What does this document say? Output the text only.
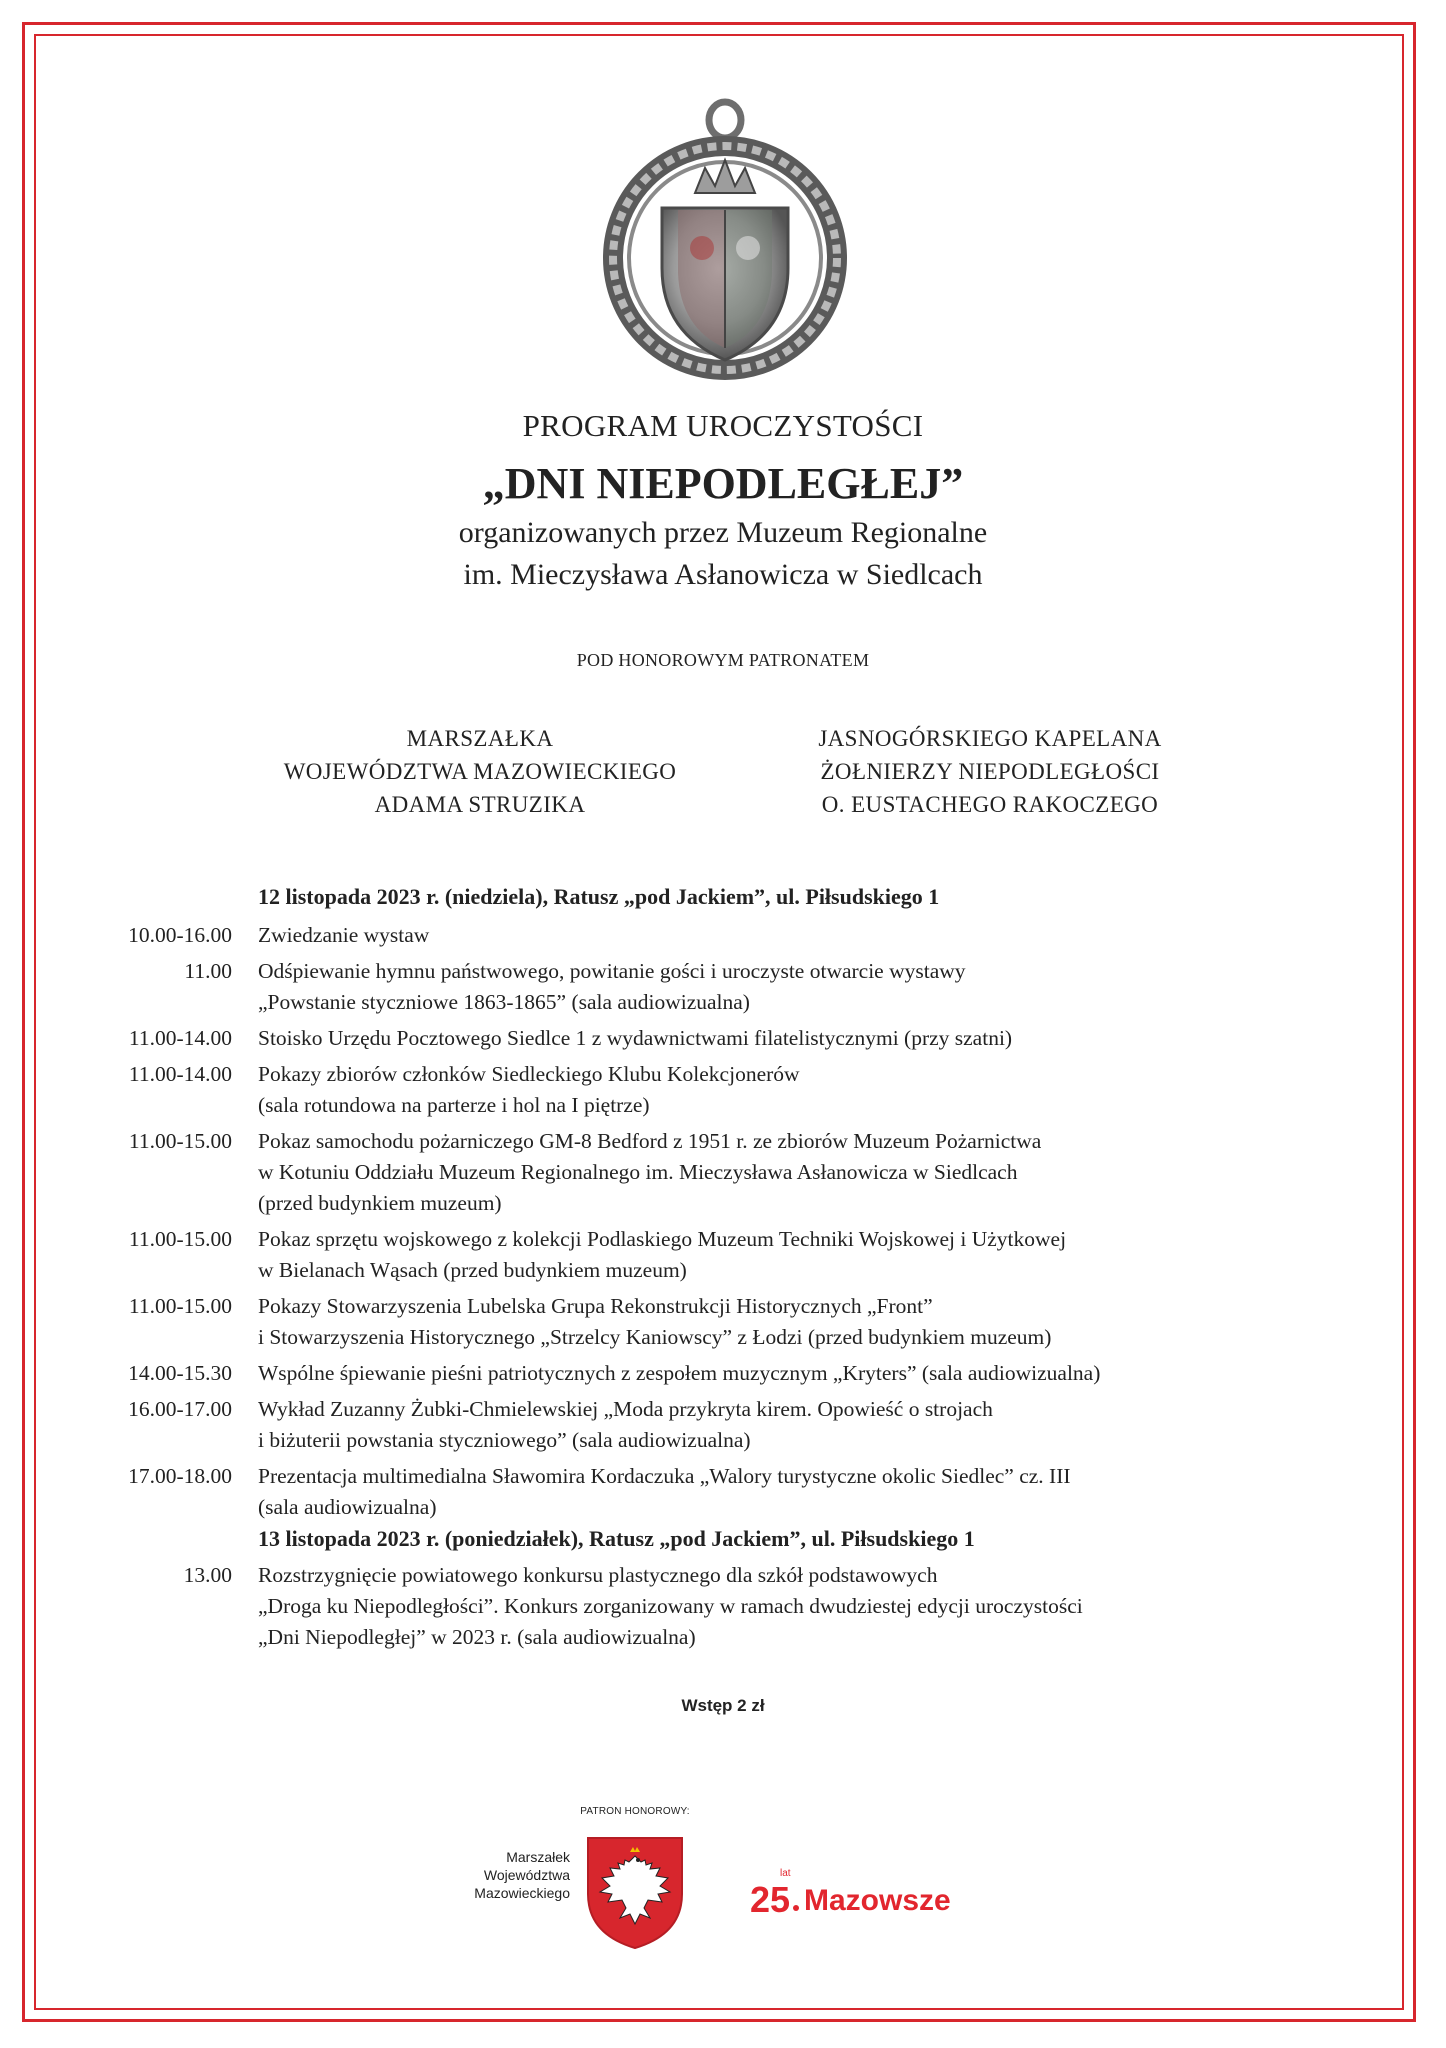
PROGRAM UROCZYSTOŚCI
„DNI NIEPODLEGŁEJ”
organizowanych przez Muzeum Regionalne
im. Mieczysława Asłanowicza w Siedlcach
POD HONOROWYM PATRONATEM
MARSZAŁKA
WOJEWÓDZTWA MAZOWIECKIEGO
ADAMA STRUZIKA
JASNOGÓRSKIEGO KAPELANA
ŻOŁNIERZY NIEPODLEGŁOŚCI
O. EUSTACHEGO RAKOCZEGO
12 listopada 2023 r. (niedziela), Ratusz „pod Jackiem”, ul. Piłsudskiego 1
10.00-16.00 Zwiedzanie wystaw
11.00 Odśpiewanie hymnu państwowego, powitanie gości i uroczyste otwarcie wystawy
„Powstanie styczniowe 1863-1865” (sala audiowizualna)
11.00-14.00 Stoisko Urzędu Pocztowego Siedlce 1 z wydawnictwami filatelistycznymi (przy szatni)
11.00-14.00 Pokazy zbiorów członków Siedleckiego Klubu Kolekcjonerów
(sala rotundowa na parterze i hol na I piętrze)
11.00-15.00 Pokaz samochodu pożarniczego GM-8 Bedford z 1951 r. ze zbiorów Muzeum Pożarnictwa
w Kotuniu Oddziału Muzeum Regionalnego im. Mieczysława Asłanowicza w Siedlcach
(przed budynkiem muzeum)
11.00-15.00 Pokaz sprzętu wojskowego z kolekcji Podlaskiego Muzeum Techniki Wojskowej i Użytkowej
w Bielanach Wąsach (przed budynkiem muzeum)
11.00-15.00 Pokazy Stowarzyszenia Lubelska Grupa Rekonstrukcji Historycznych „Front”
i Stowarzyszenia Historycznego „Strzelcy Kaniowscy” z Łodzi (przed budynkiem muzeum)
14.00-15.30 Wspólne śpiewanie pieśni patriotycznych z zespołem muzycznym „Kryters” (sala audiowizualna)
16.00-17.00 Wykład Zuzanny Żubki-Chmielewskiej „Moda przykryta kirem. Opowieść o strojach
i biżuterii powstania styczniowego” (sala audiowizualna)
17.00-18.00 Prezentacja multimedialna Sławomira Kordaczuka „Walory turystyczne okolic Siedlec” cz. III
(sala audiowizualna)
13 listopada 2023 r. (poniedziałek), Ratusz „pod Jackiem”, ul. Piłsudskiego 1
13.00 Rozstrzygnięcie powiatowego konkursu plastycznego dla szkół podstawowych
„Droga ku Niepodległości”. Konkurs zorganizowany w ramach dwudziestej edycji uroczystości
„Dni Niepodległej” w 2023 r. (sala audiowizualna)
Wstęp 2 zł
PATRON HONOROWY:
Marszałek
Województwa
Mazowieckiego
lat
25 Mazowsze
